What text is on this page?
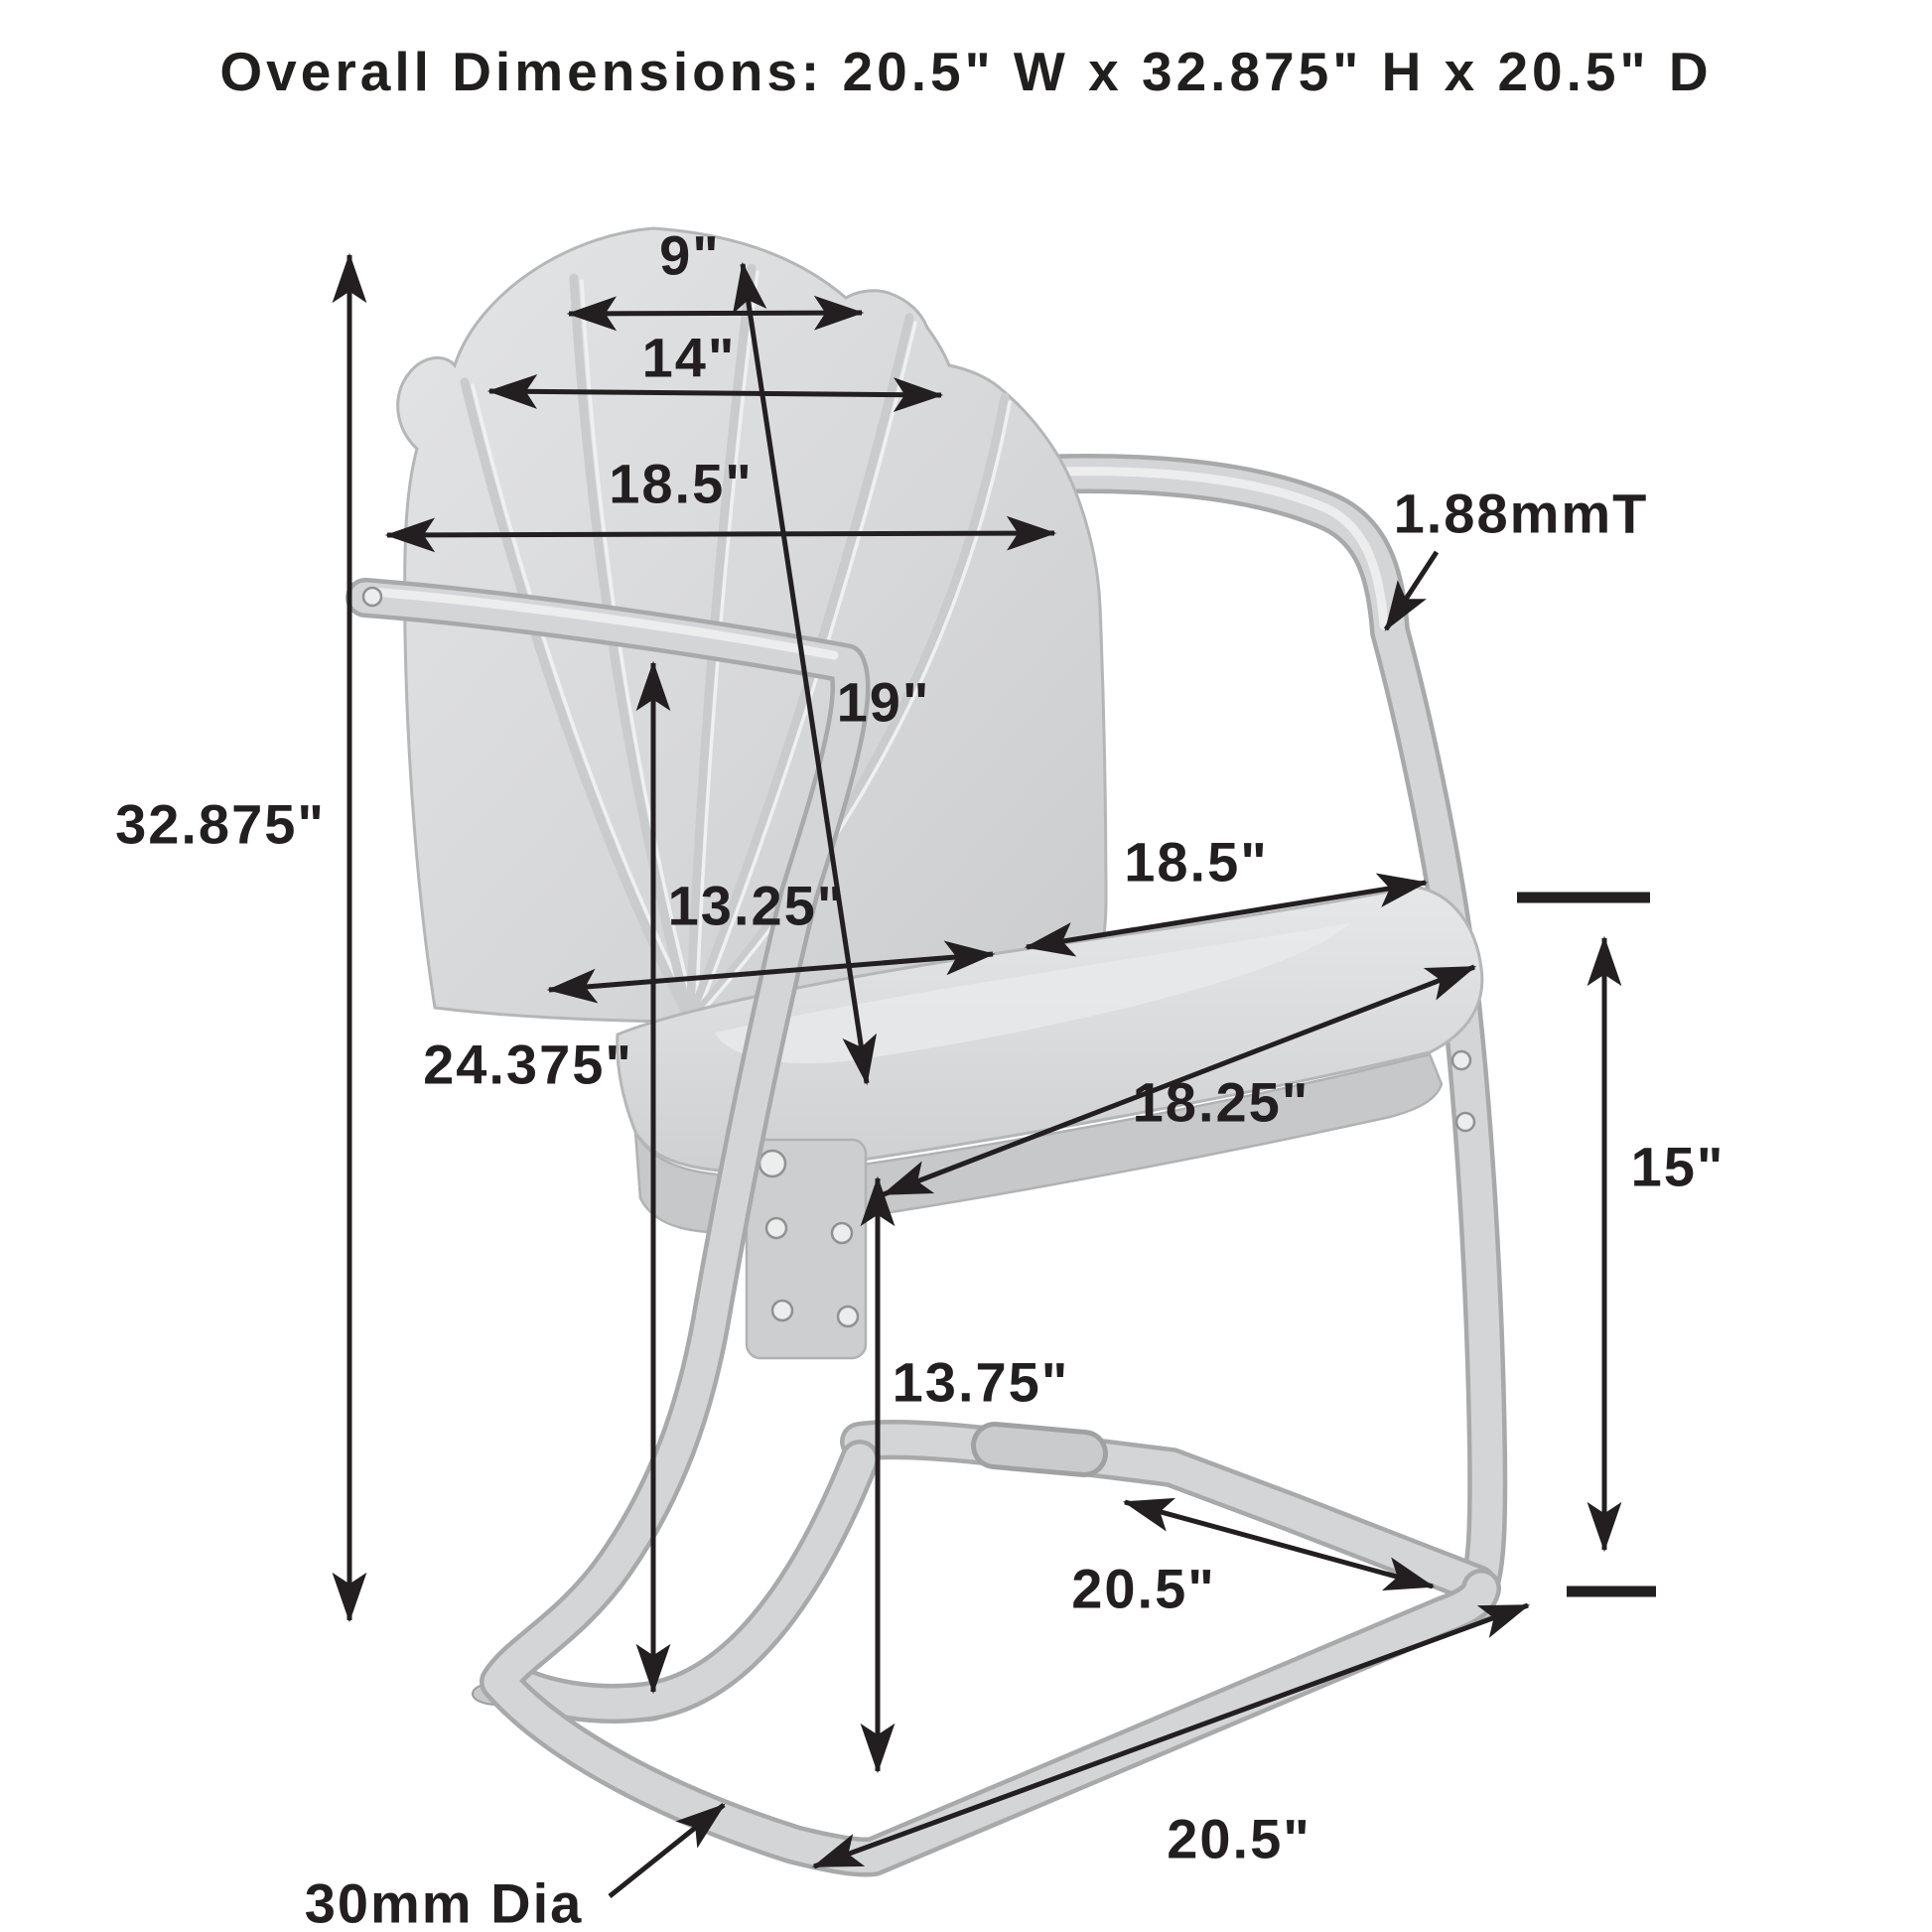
Overall Dimensions: 20.5" W x 32.875" H x 20.5" D
9"
14"
18.5"
19"
1.88mmT
13.25"
18.5"
18.25"
32.875"
24.375"
15"
13.75"
20.5"
20.5"
30mm Dia
